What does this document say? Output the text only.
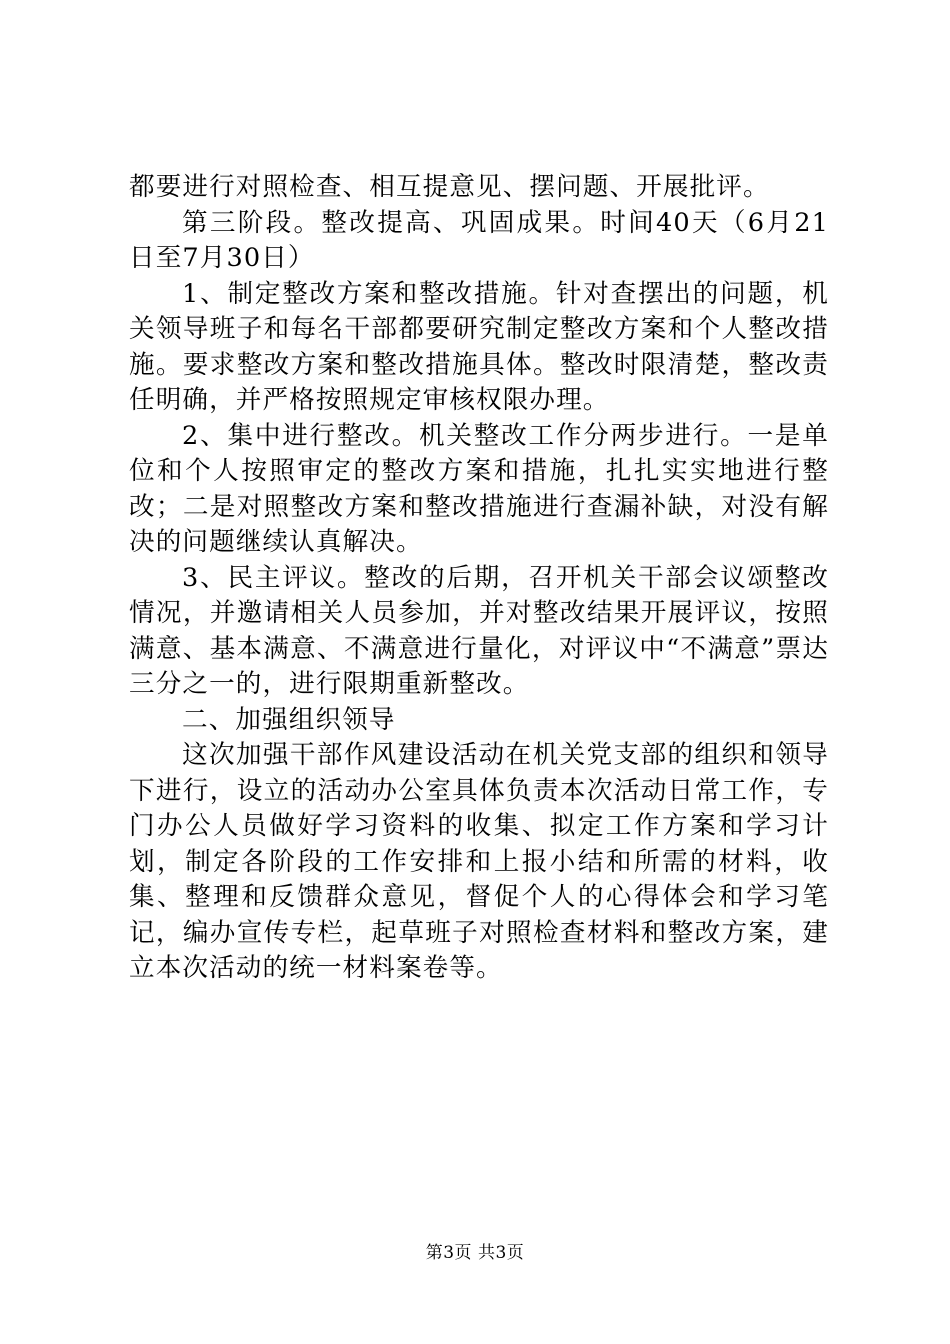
都要进行对照检查、相互提意见、摆问题、开展批评。

第三阶段。整改提高、巩固成果。时间40天（6月21日至7月30日）

1、制定整改方案和整改措施。针对查摆出的问题，机关领导班子和每名干部都要研究制定整改方案和个人整改措施。要求整改方案和整改措施具体。整改时限清楚，整改责任明确，并严格按照规定审核权限办理。

2、集中进行整改。机关整改工作分两步进行。一是单位和个人按照审定的整改方案和措施，扎扎实实地进行整改；二是对照整改方案和整改措施进行查漏补缺，对没有解决的问题继续认真解决。

3、民主评议。整改的后期，召开机关干部会议颂整改情况，并邀请相关人员参加，并对整改结果开展评议，按照满意、基本满意、不满意进行量化，对评议中“不满意”票达三分之一的，进行限期重新整改。

二、加强组织领导

这次加强干部作风建设活动在机关党支部的组织和领导下进行，设立的活动办公室具体负责本次活动日常工作，专门办公人员做好学习资料的收集、拟定工作方案和学习计划，制定各阶段的工作安排和上报小结和所需的材料，收集、整理和反馈群众意见，督促个人的心得体会和学习笔记，编办宣传专栏，起草班子对照检查材料和整改方案，建立本次活动的统一材料案卷等。

第3页 共3页
